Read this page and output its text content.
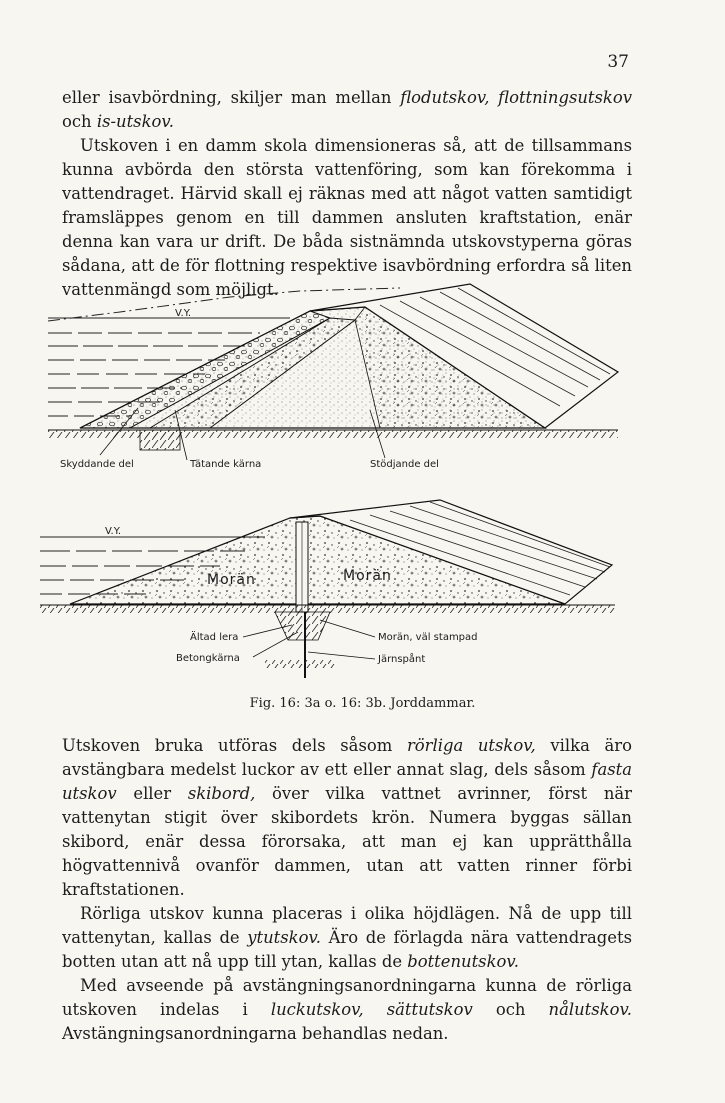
37

eller isavbördning, skiljer man mellan flodutskov, flottningsutskov och is-utskov.

Utskoven i en damm skola dimensioneras så, att de tillsammans kunna avbörda den största vattenföring, som kan förekomma i vattendraget. Härvid skall ej räknas med att något vatten samtidigt framsläppes genom en till dammen ansluten kraftstation, enär denna kan vara ur drift. De båda sistnämnda utskovstyperna göras sådana, att de för flottning respektive isavbördning erfordra så liten vattenmängd som möjligt.

V.Y.
Skyddande del	Tätande kärna	Stödjande del
V.Y.
Morän	Morän
Ältad lera
Betongkärna
Morän, väl stampad
Järnspånt
Fig. 16: 3a o. 16: 3b. Jorddammar.

Utskoven bruka utföras dels såsom rörliga utskov, vilka äro avstängbara medelst luckor av ett eller annat slag, dels såsom fasta utskov eller skibord, över vilka vattnet avrinner, först när vattenytan stigit över skibordets krön. Numera byggas sällan skibord, enär dessa förorsaka, att man ej kan upprätthålla högvattennivå ovanför dammen, utan att vatten rinner förbi kraftstationen.

Rörliga utskov kunna placeras i olika höjdlägen. Nå de upp till vattenytan, kallas de ytutskov. Äro de förlagda nära vattendragets botten utan att nå upp till ytan, kallas de bottenutskov.

Med avseende på avstängningsanordningarna kunna de rörliga utskoven indelas i luckutskov, sättutskov och nålutskov. Avstängningsanordningarna behandlas nedan.
